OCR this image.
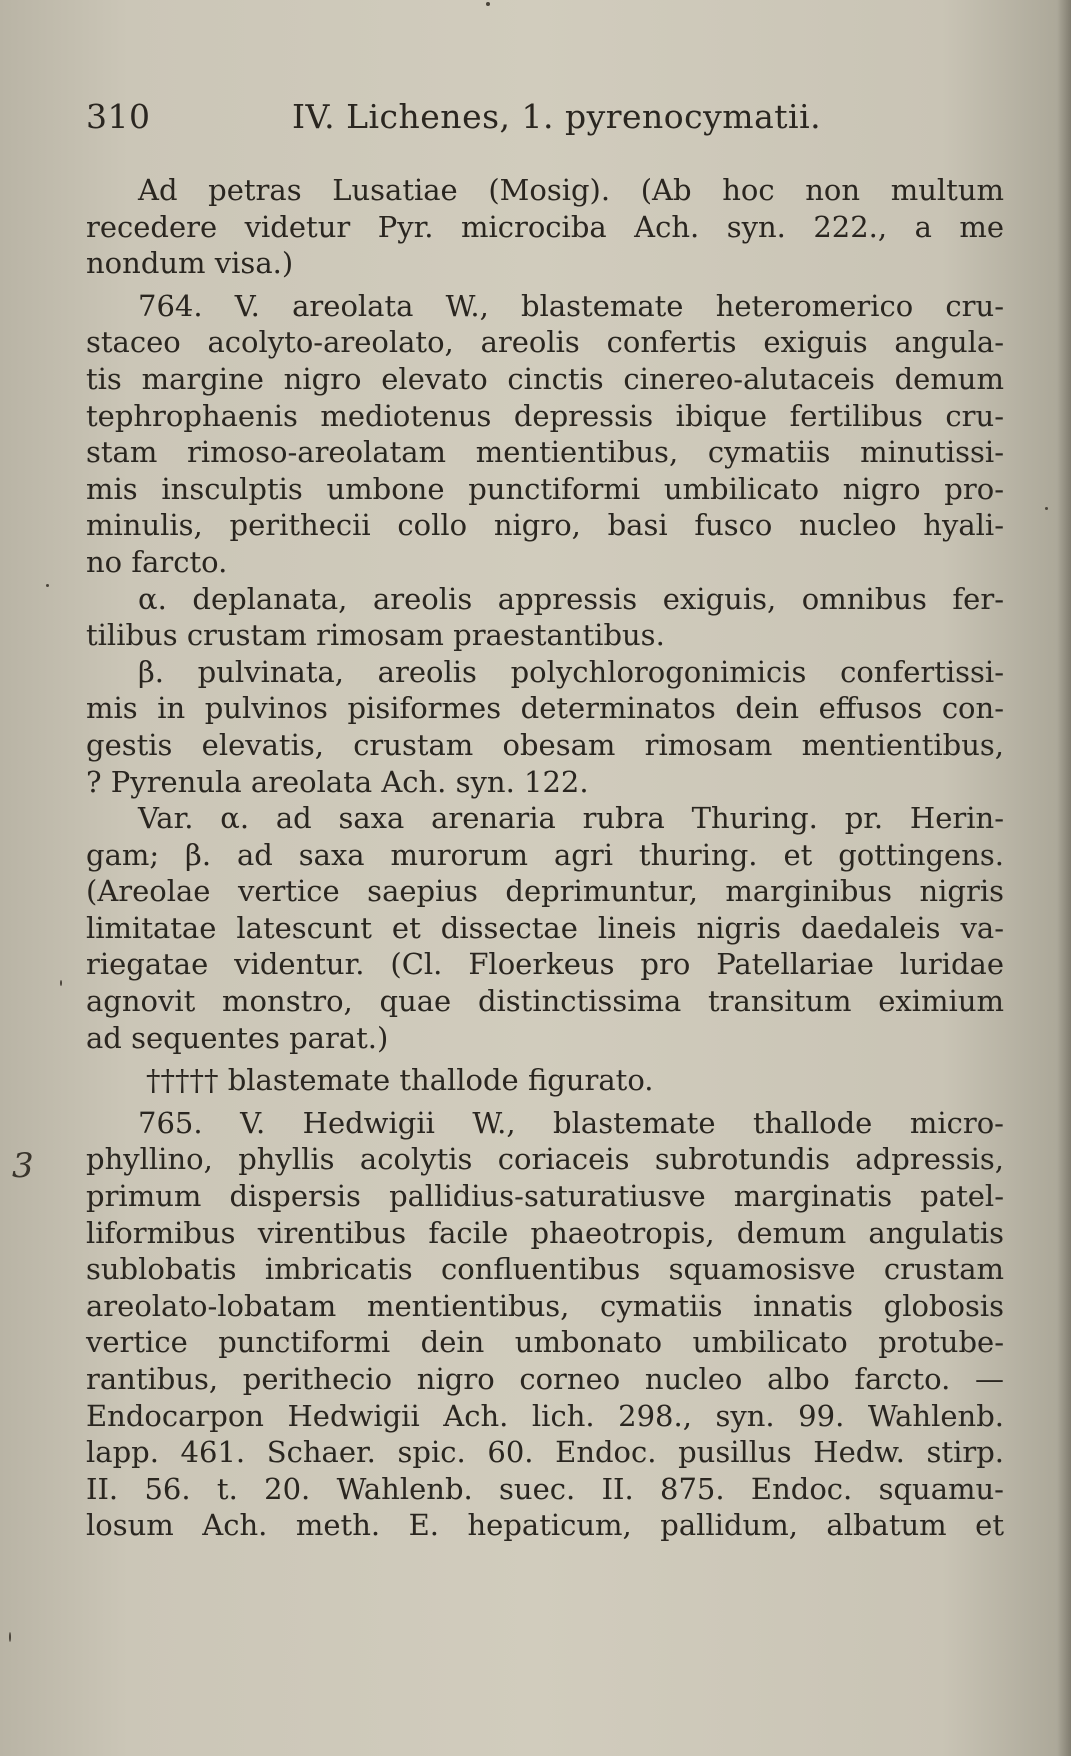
310	IV. Lichenes, 1. pyrenocymatii.
3
Ad petras Lusatiae (Mosig). (Ab hoc non multum
recedere videtur Pyr. microciba Ach. syn. 222., a me
nondum visa.)
764. V. areolata W., blastemate heteromerico cru-
staceo acolyto-areolato, areolis confertis exiguis angula-
tis margine nigro elevato cinctis cinereo-alutaceis demum
tephrophaenis mediotenus depressis ibique fertilibus cru-
stam rimoso-areolatam mentientibus, cymatiis minutissi-
mis insculptis umbone punctiformi umbilicato nigro pro-
minulis, perithecii collo nigro, basi fusco nucleo hyali-
no farcto.
α. deplanata, areolis appressis exiguis, omnibus fer-
tilibus crustam rimosam praestantibus.
β. pulvinata, areolis polychlorogonimicis confertissi-
mis in pulvinos pisiformes determinatos dein effusos con-
gestis elevatis, crustam obesam rimosam mentientibus,
? Pyrenula areolata Ach. syn. 122.
Var. α. ad saxa arenaria rubra Thuring. pr. Herin-
gam; β. ad saxa murorum agri thuring. et gottingens.
(Areolae vertice saepius deprimuntur, marginibus nigris
limitatae latescunt et dissectae lineis nigris daedaleis va-
riegatae videntur. (Cl. Floerkeus pro Patellariae luridae
agnovit monstro, quae distinctissima transitum eximium
ad sequentes parat.)
††††† blastemate thallode figurato.
765. V. Hedwigii W., blastemate thallode micro-
phyllino, phyllis acolytis coriaceis subrotundis adpressis,
primum dispersis pallidius-saturatiusve marginatis patel-
liformibus virentibus facile phaeotropis, demum angulatis
sublobatis imbricatis confluentibus squamosisve crustam
areolato-lobatam mentientibus, cymatiis innatis globosis
vertice punctiformi dein umbonato umbilicato protube-
rantibus, perithecio nigro corneo nucleo albo farcto. —
Endocarpon Hedwigii Ach. lich. 298., syn. 99. Wahlenb.
lapp. 461. Schaer. spic. 60. Endoc. pusillus Hedw. stirp.
II. 56. t. 20. Wahlenb. suec. II. 875. Endoc. squamu-
losum Ach. meth. E. hepaticum, pallidum, albatum et
